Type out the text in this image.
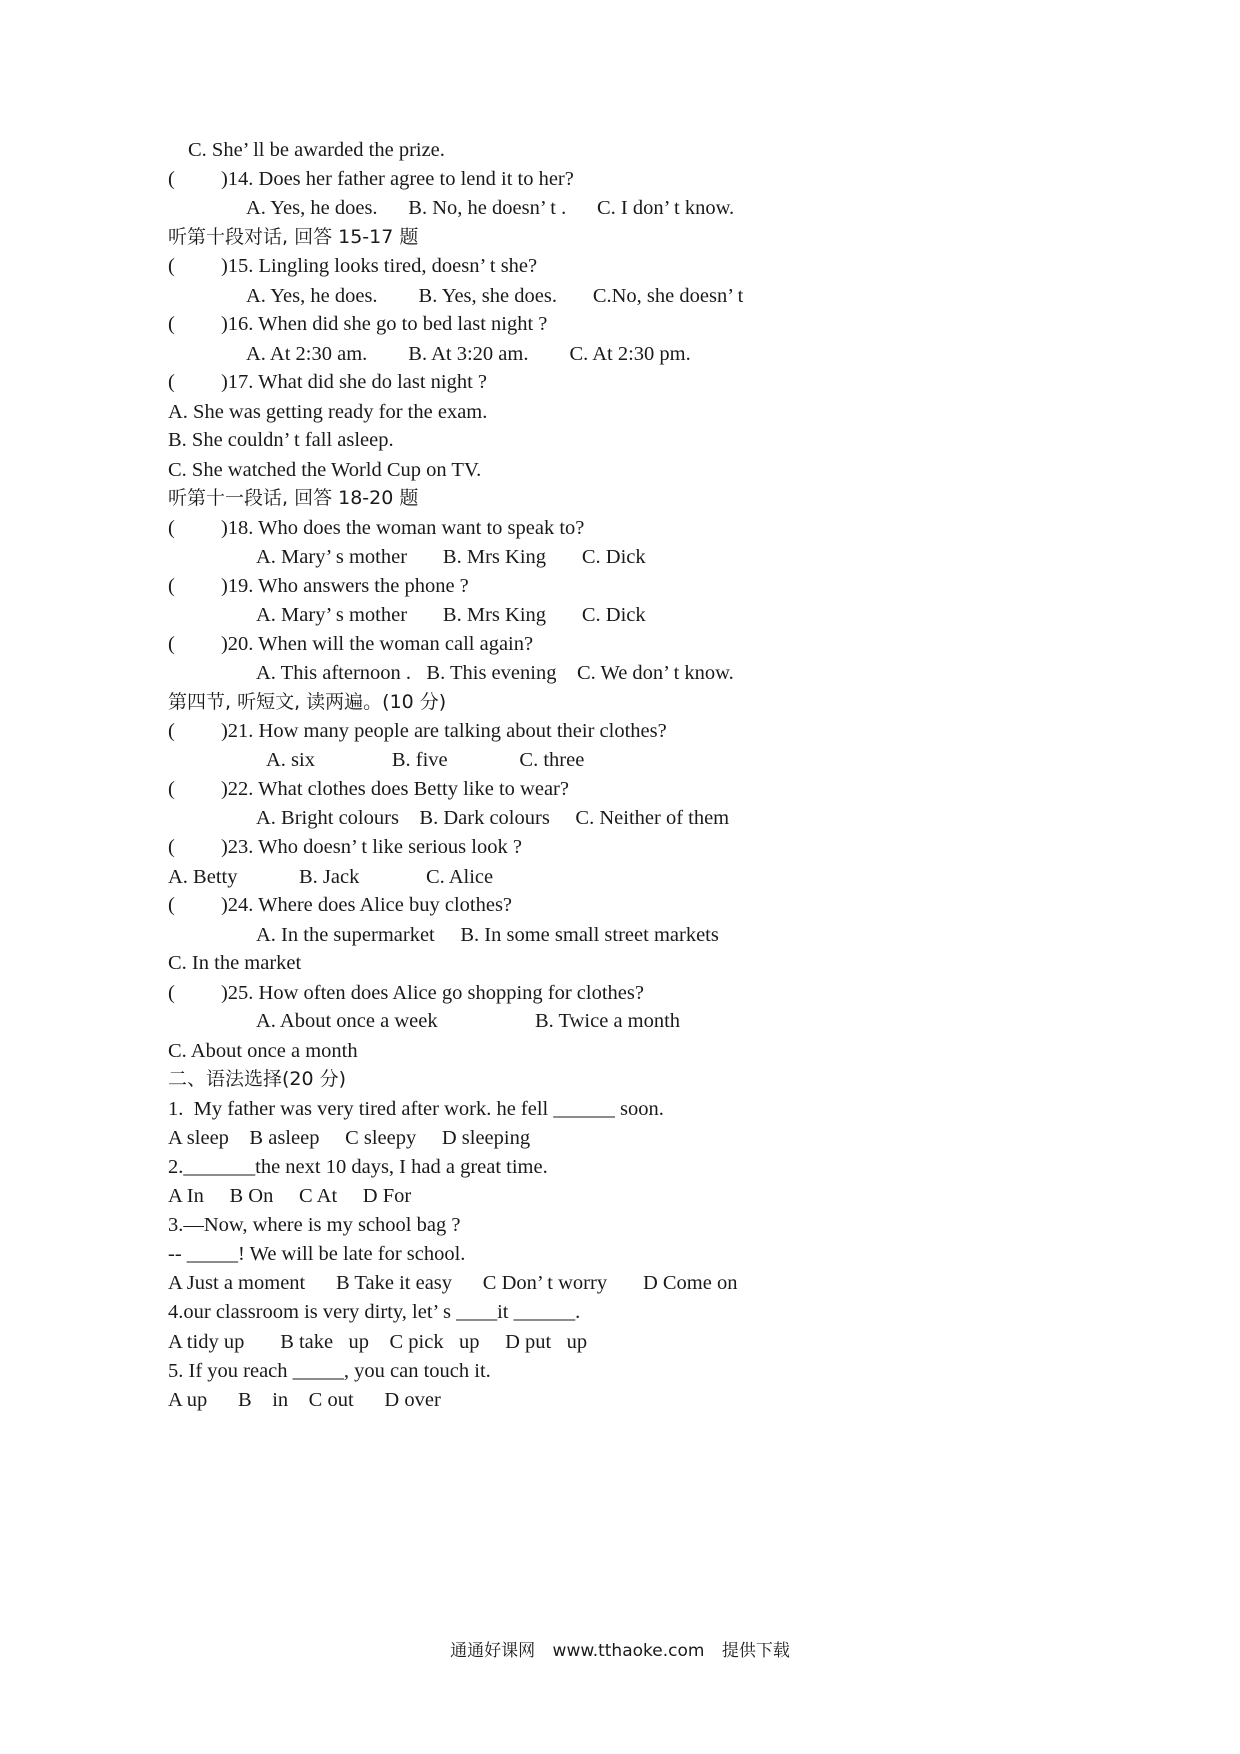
C. She’ ll be awarded the prize.
(         )14. Does her father agree to lend it to her?
A. Yes, he does.      B. No, he doesn’ t .      C. I don’ t know.
听第十段对话, 回答 15-17 题
(         )15. Lingling looks tired, doesn’ t she?
A. Yes, he does.        B. Yes, she does.       C.No, she doesn’ t
(         )16. When did she go to bed last night ?
A. At 2:30 am.        B. At 3:20 am.        C. At 2:30 pm.
(         )17. What did she do last night ?
A. She was getting ready for the exam.
B. She couldn’ t fall asleep.
C. She watched the World Cup on TV.
听第十一段话, 回答 18-20 题
(         )18. Who does the woman want to speak to?
A. Mary’ s mother       B. Mrs King       C. Dick
(         )19. Who answers the phone ?
A. Mary’ s mother       B. Mrs King       C. Dick
(         )20. When will the woman call again?
A. This afternoon .   B. This evening    C. We don’ t know.
第四节, 听短文, 读两遍。(10 分)
(         )21. How many people are talking about their clothes?
A. six               B. five              C. three
(         )22. What clothes does Betty like to wear?
A. Bright colours    B. Dark colours     C. Neither of them
(         )23. Who doesn’ t like serious look ?
A. Betty            B. Jack             C. Alice
(         )24. Where does Alice buy clothes?
A. In the supermarket     B. In some small street markets
C. In the market
(         )25. How often does Alice go shopping for clothes?
A. About once a week                   B. Twice a month
C. About once a month
二、语法选择(20 分)
1.  My father was very tired after work. he fell ______ soon.
A sleep    B asleep     C sleepy     D sleeping
2._______the next 10 days, I had a great time.
A In     B On     C At     D For
3.—Now, where is my school bag ?
-- _____! We will be late for school.
A Just a moment      B Take it easy      C Don’ t worry       D Come on
4.our classroom is very dirty, let’ s ____it ______.
A tidy up       B take   up    C pick   up     D put   up
5. If you reach _____, you can touch it.
A up      B    in    C out      D over
通通好课网 www.tthaoke.com 提供下载
